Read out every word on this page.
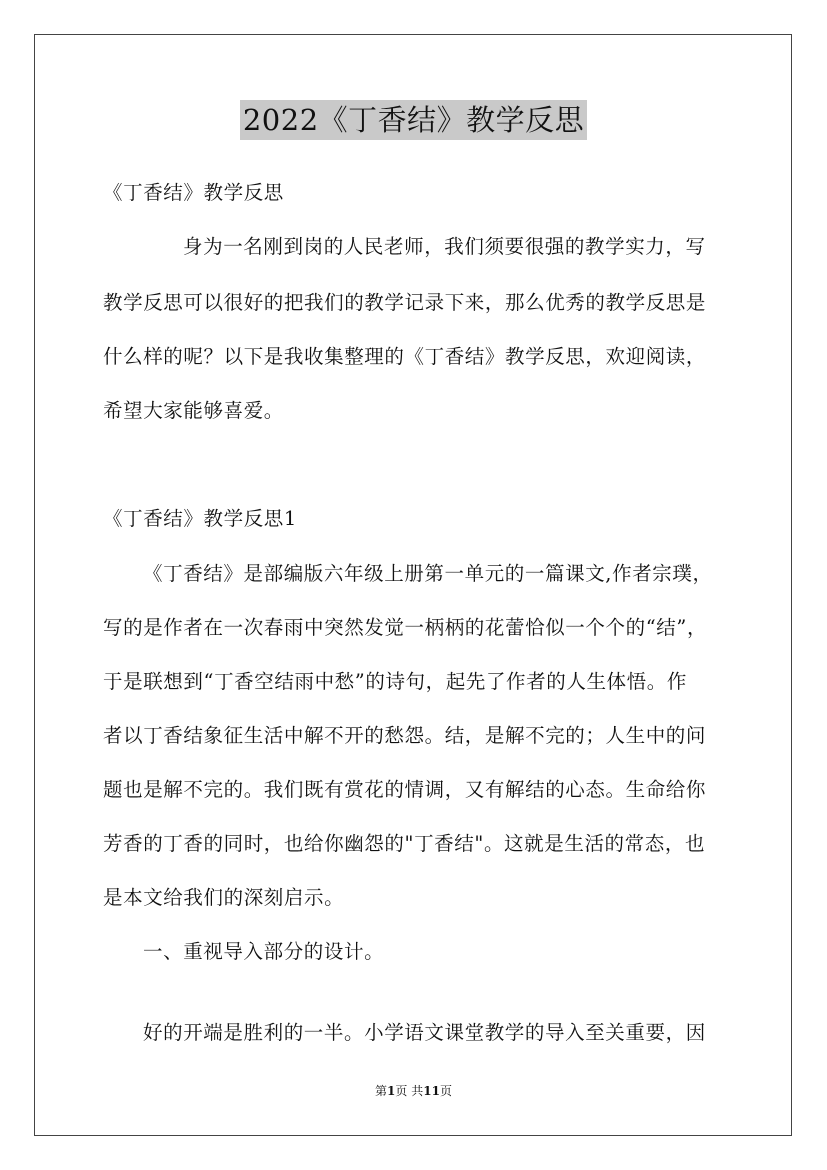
2022《丁香结》教学反思
《丁香结》教学反思
身为一名刚到岗的人民老师，我们须要很强的教学实力，写
教学反思可以很好的把我们的教学记录下来，那么优秀的教学反思是
什么样的呢？以下是我收集整理的《丁香结》教学反思，欢迎阅读，
希望大家能够喜爱。
《丁香结》教学反思1
《丁香结》是部编版六年级上册第一单元的一篇课文,作者宗璞，
写的是作者在一次春雨中突然发觉一柄柄的花蕾恰似一个个的“结”，
于是联想到“丁香空结雨中愁”的诗句，起先了作者的人生体悟。作
者以丁香结象征生活中解不开的愁怨。结，是解不完的；人生中的问
题也是解不完的。我们既有赏花的情调，又有解结的心态。生命给你
芳香的丁香的同时，也给你幽怨的"丁香结"。这就是生活的常态，也
是本文给我们的深刻启示。
一、重视导入部分的设计。
好的开端是胜利的一半。小学语文课堂教学的导入至关重要，因
第1页 共11页
